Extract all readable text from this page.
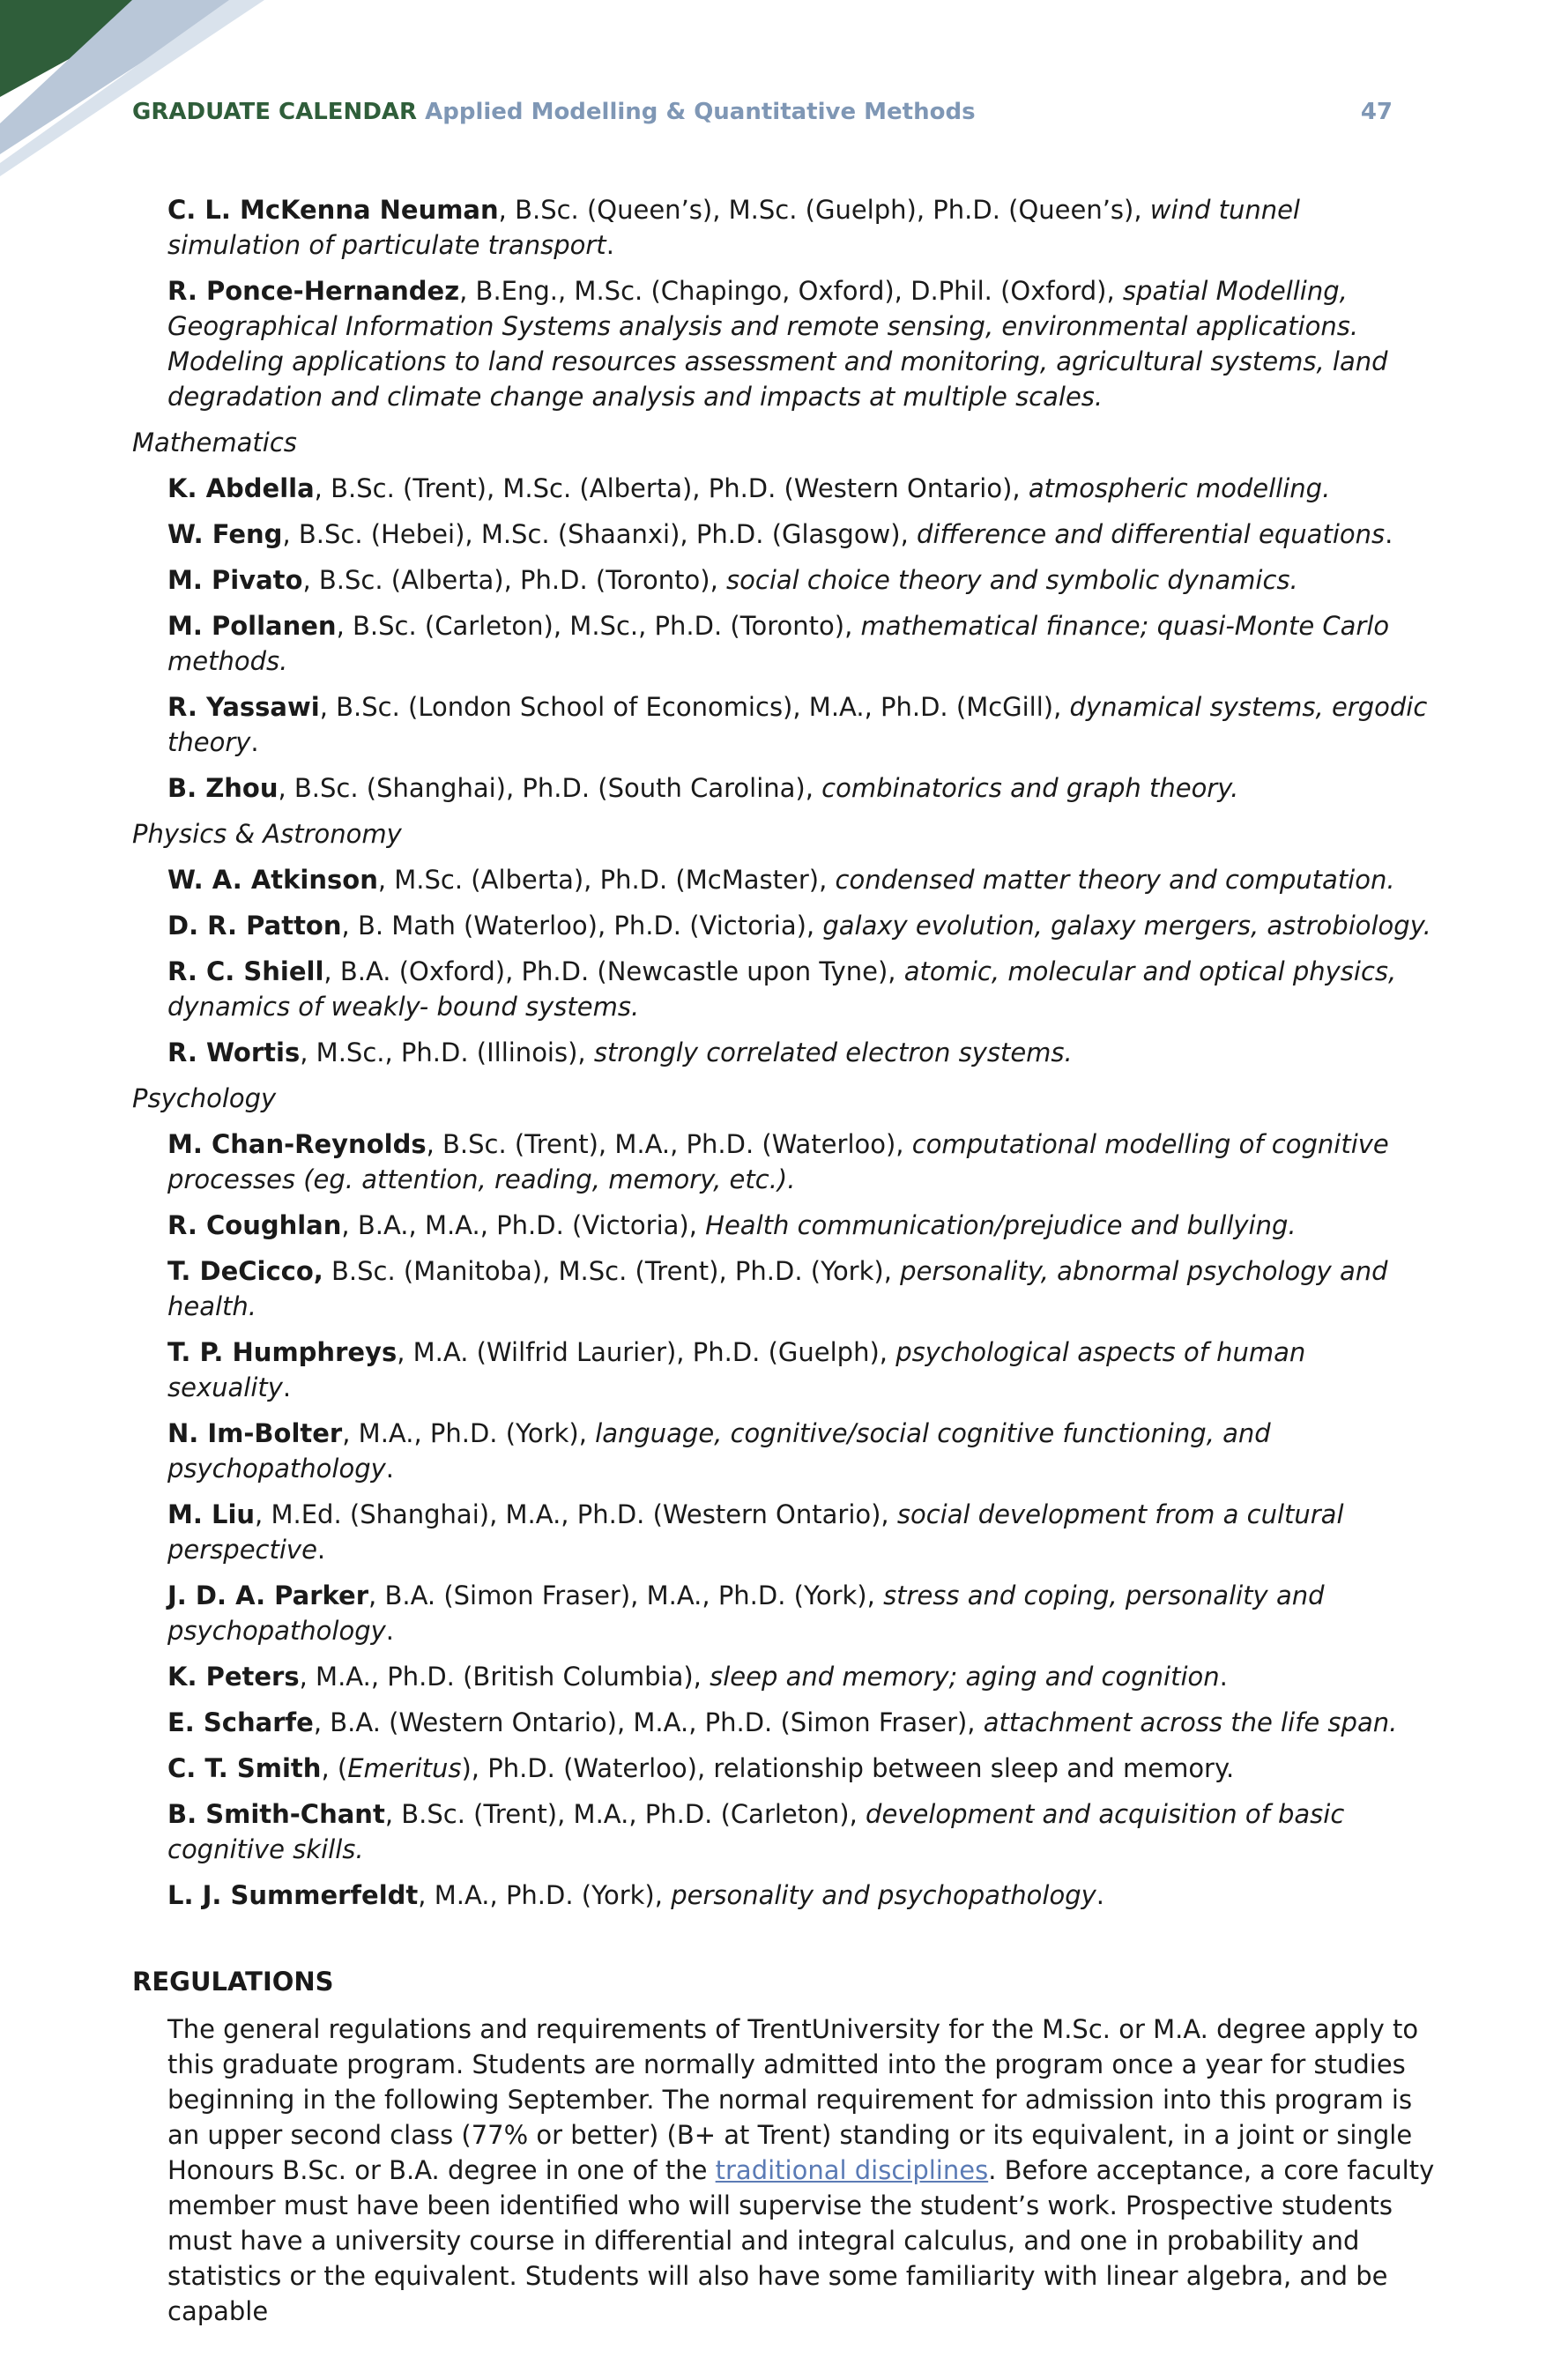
GRADUATE CALENDAR Applied Modelling & Quantitative Methods	47

C. L. McKenna Neuman, B.Sc. (Queen’s), M.Sc. (Guelph), Ph.D. (Queen’s), wind tunnel simulation of particulate transport.

R. Ponce-Hernandez, B.Eng., M.Sc. (Chapingo, Oxford), D.Phil. (Oxford), spatial Modelling, Geographical Information Systems analysis and remote sensing, environmental applications. Modeling applications to land resources assessment and monitoring, agricultural systems, land degradation and climate change analysis and impacts at multiple scales.

Mathematics

K. Abdella, B.Sc. (Trent), M.Sc. (Alberta), Ph.D. (Western Ontario), atmospheric modelling.

W. Feng, B.Sc. (Hebei), M.Sc. (Shaanxi), Ph.D. (Glasgow), difference and differential equations.

M. Pivato, B.Sc. (Alberta), Ph.D. (Toronto), social choice theory and symbolic dynamics.

M. Pollanen, B.Sc. (Carleton), M.Sc., Ph.D. (Toronto), mathematical finance; quasi-Monte Carlo methods.

R. Yassawi, B.Sc. (London School of Economics), M.A., Ph.D. (McGill), dynamical systems, ergodic theory.

B. Zhou, B.Sc. (Shanghai), Ph.D. (South Carolina), combinatorics and graph theory.

Physics & Astronomy

W. A. Atkinson, M.Sc. (Alberta), Ph.D. (McMaster), condensed matter theory and computation.

D. R. Patton, B. Math (Waterloo), Ph.D. (Victoria), galaxy evolution, galaxy mergers, astrobiology.

R. C. Shiell, B.A. (Oxford), Ph.D. (Newcastle upon Tyne), atomic, molecular and optical physics, dynamics of weakly- bound systems.

R. Wortis, M.Sc., Ph.D. (Illinois), strongly correlated electron systems.

Psychology

M. Chan-Reynolds, B.Sc. (Trent), M.A., Ph.D. (Waterloo), computational modelling of cognitive processes (eg. attention, reading, memory, etc.).

R. Coughlan, B.A., M.A., Ph.D. (Victoria), Health communication/prejudice and bullying.

T. DeCicco, B.Sc. (Manitoba), M.Sc. (Trent), Ph.D. (York), personality, abnormal psychology and health.

T. P. Humphreys, M.A. (Wilfrid Laurier), Ph.D. (Guelph), psychological aspects of human sexuality.

N. Im-Bolter, M.A., Ph.D. (York), language, cognitive/social cognitive functioning, and psychopathology.

M. Liu, M.Ed. (Shanghai), M.A., Ph.D. (Western Ontario), social development from a cultural perspective.

J. D. A. Parker, B.A. (Simon Fraser), M.A., Ph.D. (York), stress and coping, personality and psychopathology.

K. Peters, M.A., Ph.D. (British Columbia), sleep and memory; aging and cognition.

E. Scharfe, B.A. (Western Ontario), M.A., Ph.D. (Simon Fraser), attachment across the life span.

C. T. Smith, (Emeritus), Ph.D. (Waterloo), relationship between sleep and memory.

B. Smith-Chant, B.Sc. (Trent), M.A., Ph.D. (Carleton), development and acquisition of basic cognitive skills.

L. J. Summerfeldt, M.A., Ph.D. (York), personality and psychopathology.

REGULATIONS
The general regulations and requirements of TrentUniversity for the M.Sc. or M.A. degree apply to this graduate program. Students are normally admitted into the program once a year for studies beginning in the following September. The normal requirement for admission into this program is an upper second class (77% or better) (B+ at Trent) standing or its equivalent, in a joint or single Honours B.Sc. or B.A. degree in one of the traditional disciplines. Before acceptance, a core faculty member must have been identified who will supervise the student’s work. Prospective students must have a university course in differential and integral calculus, and one in probability and statistics or the equivalent. Students will also have some familiarity with linear algebra, and be capable
